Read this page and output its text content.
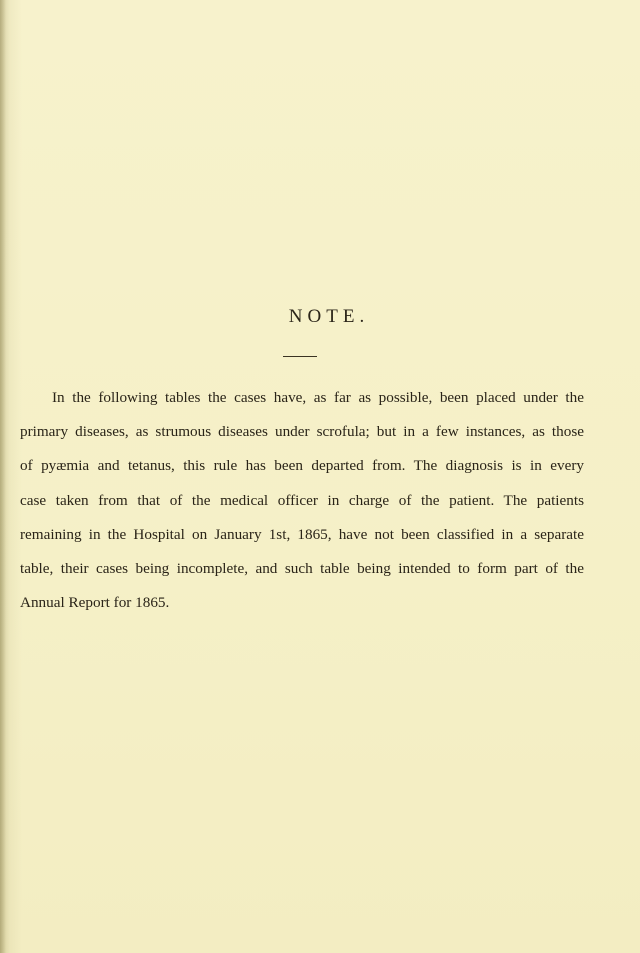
NOTE.
In the following tables the cases have, as far as possible, been placed under the
primary diseases, as strumous diseases under scrofula; but in a few instances, as those
of pyæmia and tetanus, this rule has been departed from. The diagnosis is in every
case taken from that of the medical officer in charge of the patient. The patients
remaining in the Hospital on January 1st, 1865, have not been classified in a separate
table, their cases being incomplete, and such table being intended to form part of the
Annual Report for 1865.
